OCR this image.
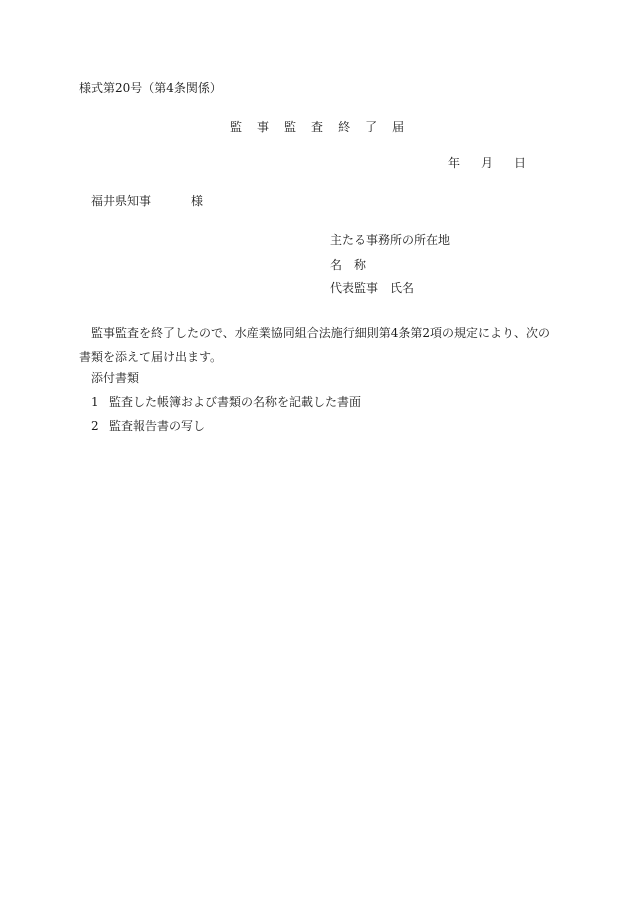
様式第20号（第4条関係）
監 事 監 査 終 了 届
年 月 日
福井県知事	様
主たる事務所の所在地
名　称
代表監事　氏名
監事監査を終了したので、水産業協同組合法施行細則第4条第2項の規定により、次の書類を添えて届け出ます。
添付書類
1 監査した帳簿および書類の名称を記載した書面
2 監査報告書の写し
